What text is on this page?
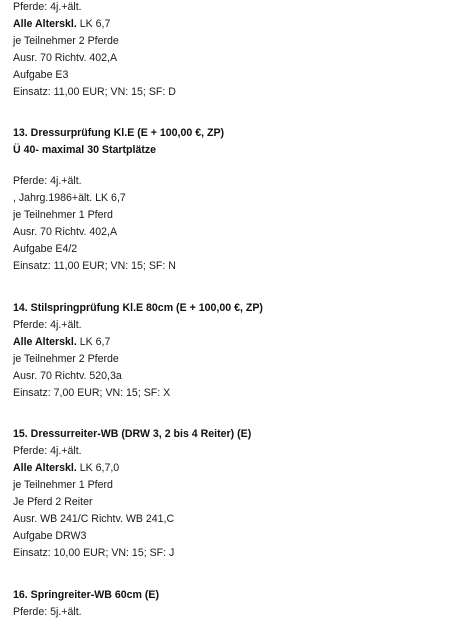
Pferde: 4j.+ält.
Alle Alterskl. LK 6,7
je Teilnehmer 2 Pferde
Ausr. 70 Richtv. 402,A
Aufgabe E3
Einsatz: 11,00 EUR; VN: 15; SF: D
13. Dressurprüfung Kl.E (E + 100,00 €, ZP)
Ü 40- maximal 30 Startplätze
Pferde: 4j.+ält.
, Jahrg.1986+ält. LK 6,7
je Teilnehmer 1 Pferd
Ausr. 70 Richtv. 402,A
Aufgabe E4/2
Einsatz: 11,00 EUR; VN: 15; SF: N
14. Stilspringprüfung Kl.E 80cm (E + 100,00 €, ZP)
Pferde: 4j.+ält.
Alle Alterskl. LK 6,7
je Teilnehmer 2 Pferde
Ausr. 70 Richtv. 520,3a
Einsatz: 7,00 EUR; VN: 15; SF: X
15. Dressurreiter-WB (DRW 3, 2 bis 4 Reiter) (E)
Pferde: 4j.+ält.
Alle Alterskl. LK 6,7,0
je Teilnehmer 1 Pferd
Je Pferd 2 Reiter
Ausr. WB 241/C Richtv. WB 241,C
Aufgabe DRW3
Einsatz: 10,00 EUR; VN: 15; SF: J
16. Springreiter-WB 60cm (E)
Pferde: 5j.+ält.
